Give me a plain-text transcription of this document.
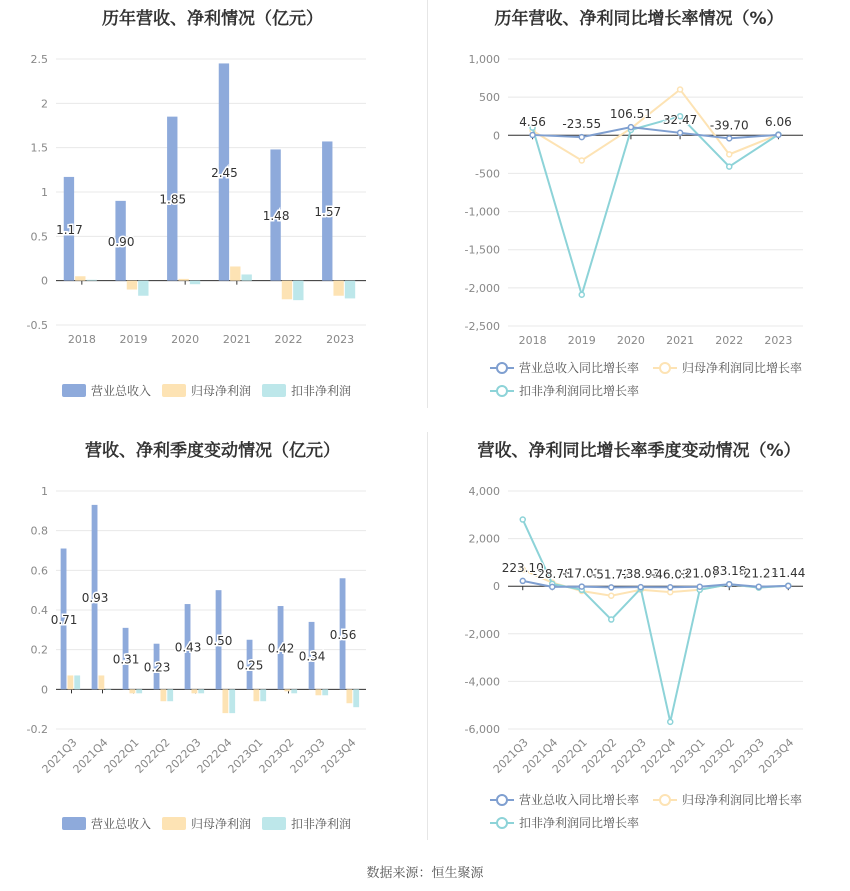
历年营收、净利情况（亿元）
2.5
2
1.5
1
0.5
0
-0.5
2018 2019 2020 2021 2022 2023
1.17
0.90
1.85
2.45
1.48 1.57
营业总收入	归母净利润	扣非净利润
历年营收、净利同比增长率情况（%）
1,000
500
0
-500
-1,000
-1,500
-2,000
-2,500
2018 2019 2020 2021 2022 2023
4.56 -23.55
106.51 32.47 -39.70 6.06
营业总收入同比增长率	归母净利润同比增长率
扣非净利润同比增长率
营收、净利季度变动情况（亿元）
1
0.8
0.6
0.4
0.2
0
-0.2
2021Q3
2021Q4
2022Q1
2022Q2
2022Q3
2022Q4
2023Q1
2023Q2
2023Q3
2023Q4
0.71
0.93
0.31
0.23
0.43 0.50
0.25
0.42
0.34
0.56
营业总收入	归母净利润	扣非净利润
营收、净利同比增长率季度变动情况（%）
4,000
2,000
0
-2,000
-4,000
-6,000
2021Q3
2021Q4
2022Q1
2022Q2
2022Q3
2022Q4
2023Q1
2023Q2
2023Q3
2023Q4
223.10
-28.78
-17.02
-51.72
-38.93
-46.03
-21.07
83.18
-21.23
11.44
营业总收入同比增长率	归母净利润同比增长率
扣非净利润同比增长率
数据来源：恒生聚源
